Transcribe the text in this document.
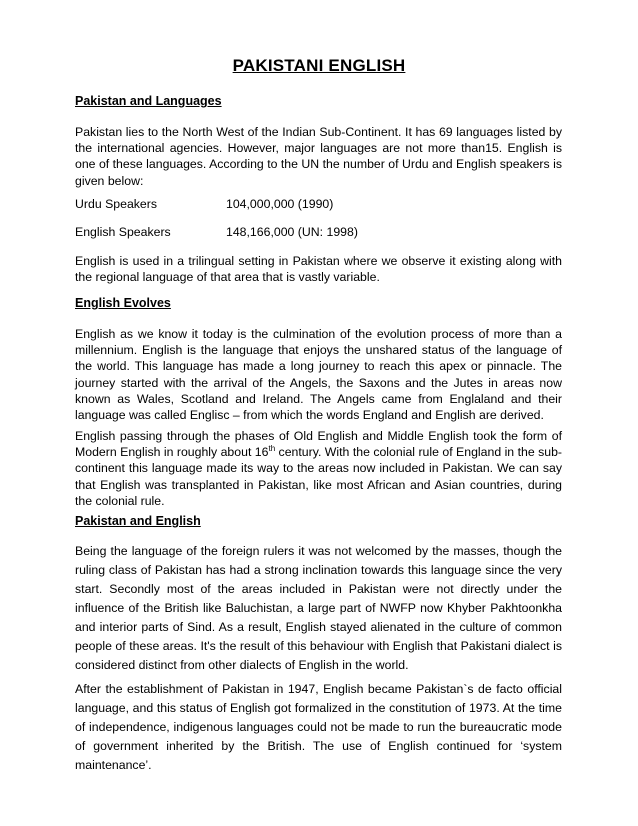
PAKISTANI ENGLISH
Pakistan and Languages

Pakistan lies to the North West of the Indian Sub-Continent. It has 69 languages listed by the international agencies. However, major languages are not more than15. English is one of these languages. According to the UN the number of Urdu and English speakers is given below:

Urdu Speakers	104,000,000 (1990)
English Speakers	148,166,000 (UN: 1998)

English is used in a trilingual setting in Pakistan where we observe it existing along with the regional language of that area that is vastly variable.

English Evolves

English as we know it today is the culmination of the evolution process of more than a millennium. English is the language that enjoys the unshared status of the language of the world. This language has made a long journey to reach this apex or pinnacle. The journey started with the arrival of the Angels, the Saxons and the Jutes in areas now known as Wales, Scotland and Ireland. The Angels came from Englaland and their language was called Englisc – from which the words England and English are derived.

English passing through the phases of Old English and Middle English took the form of Modern English in roughly about 16th century. With the colonial rule of England in the sub-continent this language made its way to the areas now included in Pakistan. We can say that English was transplanted in Pakistan, like most African and Asian countries, during the colonial rule.

Pakistan and English

Being the language of the foreign rulers it was not welcomed by the masses, though the ruling class of Pakistan has had a strong inclination towards this language since the very start. Secondly most of the areas included in Pakistan were not directly under the influence of the British like Baluchistan, a large part of NWFP now Khyber Pakhtoonkha and interior parts of Sind. As a result, English stayed alienated in the culture of common people of these areas. It's the result of this behaviour with English that Pakistani dialect is considered distinct from other dialects of English in the world.

After the establishment of Pakistan in 1947, English became Pakistan`s de facto official language, and this status of English got formalized in the constitution of 1973. At the time of independence, indigenous languages could not be made to run the bureaucratic mode of government inherited by the British. The use of English continued for ‘system maintenance’.
